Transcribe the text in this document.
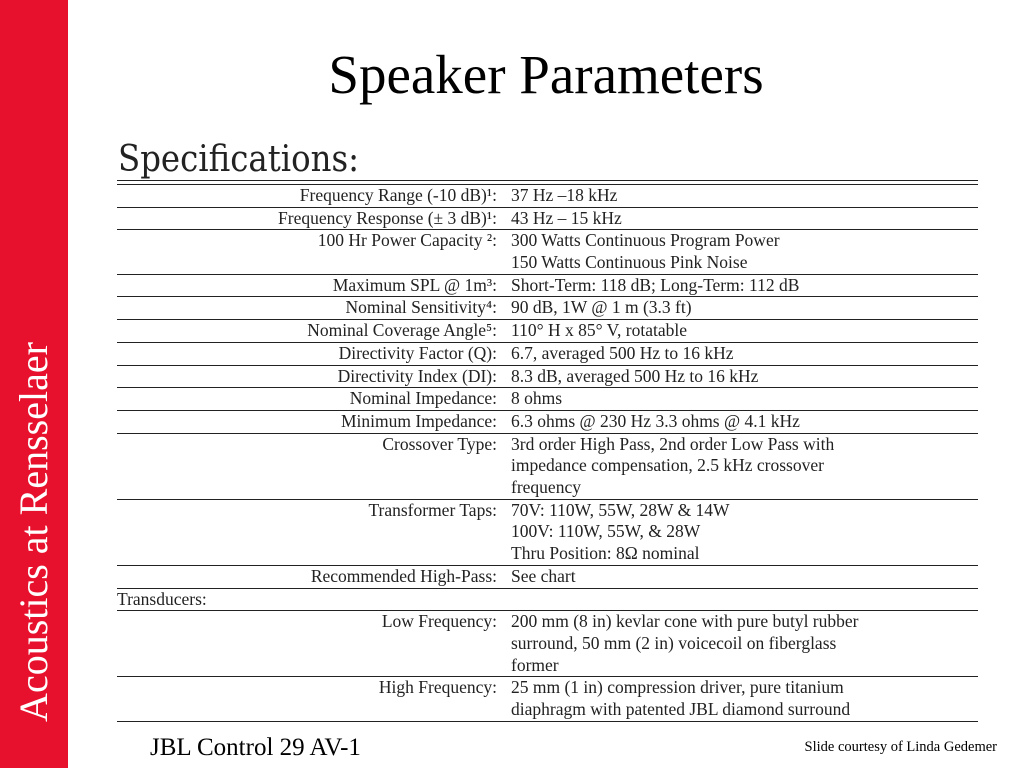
Acoustics at Rensselaer
Speaker Parameters
Specifications:
Frequency Range (-10 dB)¹: 37 Hz –18 kHz
Frequency Response (± 3 dB)¹: 43 Hz – 15 kHz
100 Hr Power Capacity ²: 300 Watts Continuous Program Power
150 Watts Continuous Pink Noise
Maximum SPL @ 1m³: Short-Term: 118 dB; Long-Term: 112 dB
Nominal Sensitivity⁴: 90 dB, 1W @ 1 m (3.3 ft)
Nominal Coverage Angle⁵: 110° H x 85° V, rotatable
Directivity Factor (Q): 6.7, averaged 500 Hz to 16 kHz
Directivity Index (DI): 8.3 dB, averaged 500 Hz to 16 kHz
Nominal Impedance: 8 ohms
Minimum Impedance: 6.3 ohms @ 230 Hz 3.3 ohms @ 4.1 kHz
Crossover Type: 3rd order High Pass, 2nd order Low Pass with
impedance compensation, 2.5 kHz crossover
frequency
Transformer Taps: 70V: 110W, 55W, 28W & 14W
100V: 110W, 55W, & 28W
Thru Position: 8Ω nominal
Recommended High-Pass: See chart
Transducers:
Low Frequency: 200 mm (8 in) kevlar cone with pure butyl rubber
surround, 50 mm (2 in) voicecoil on fiberglass
former
High Frequency: 25 mm (1 in) compression driver, pure titanium
diaphragm with patented JBL diamond surround
JBL Control 29 AV-1	Slide courtesy of Linda Gedemer
